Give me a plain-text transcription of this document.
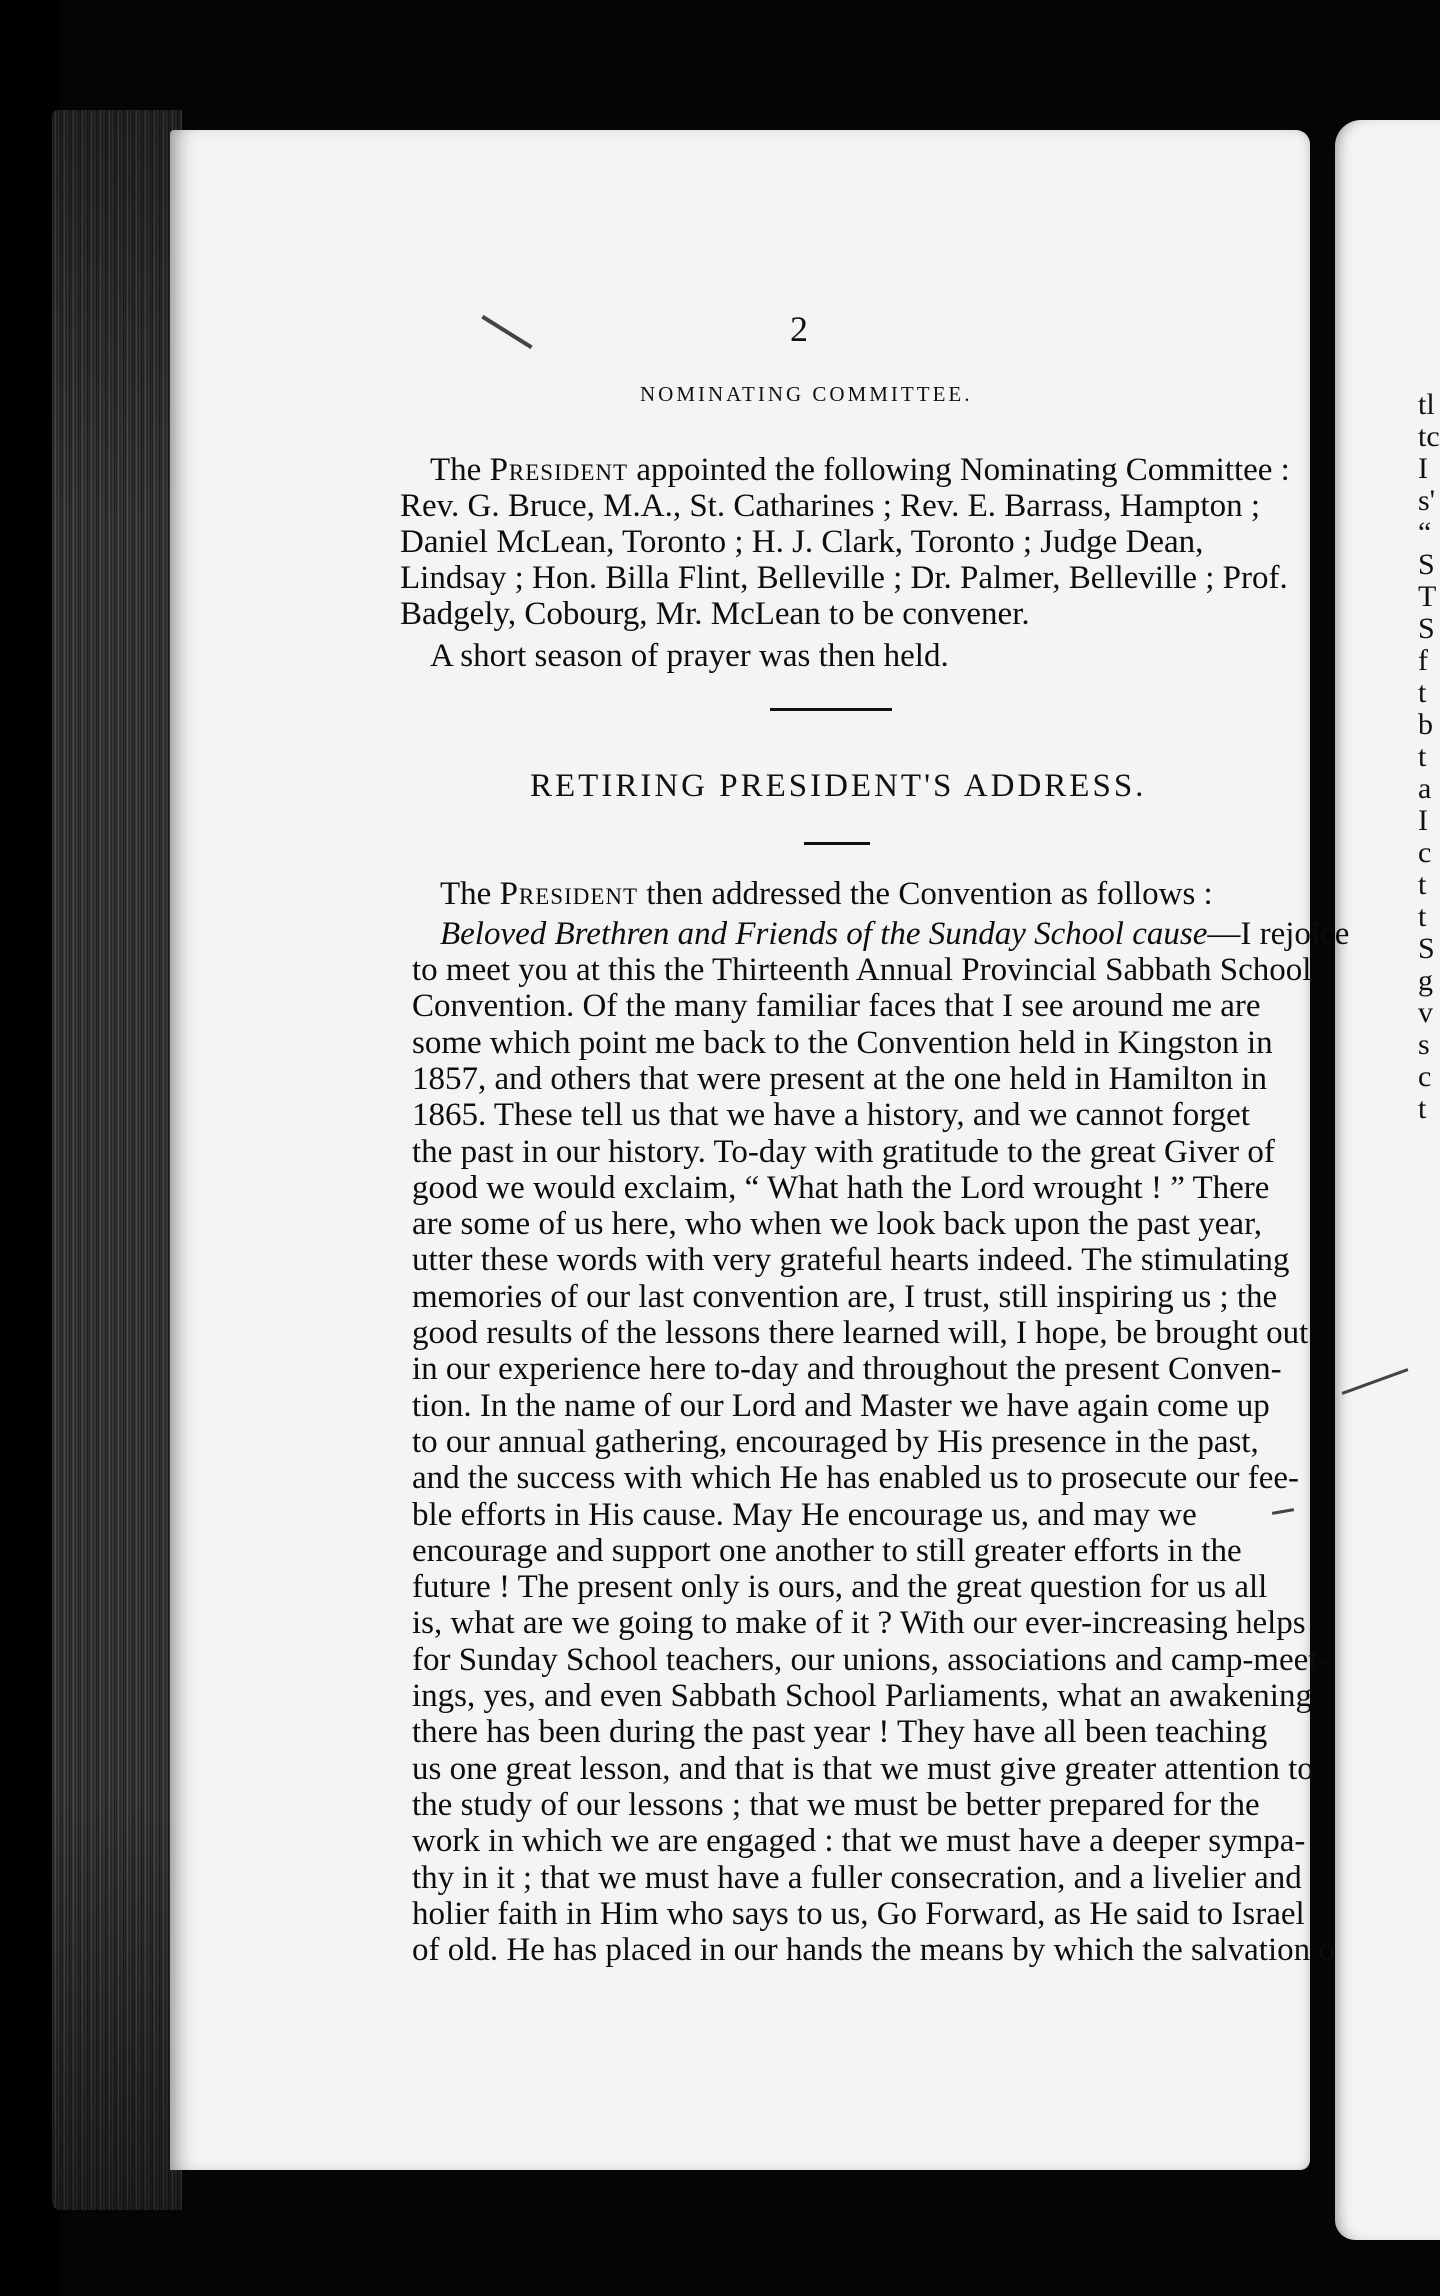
2
NOMINATING COMMITTEE.
The President appointed the following Nominating Committee :
Rev. G. Bruce, M.A., St. Catharines ; Rev. E. Barrass, Hampton ;
Daniel McLean, Toronto ; H. J. Clark, Toronto ; Judge Dean,
Lindsay ; Hon. Billa Flint, Belleville ; Dr. Palmer, Belleville ; Prof.
Badgely, Cobourg, Mr. McLean to be convener.
A short season of prayer was then held.
RETIRING PRESIDENT'S ADDRESS.
The President then addressed the Convention as follows :
Beloved Brethren and Friends of the Sunday School cause—I rejoice
to meet you at this the Thirteenth Annual Provincial Sabbath School
Convention. Of the many familiar faces that I see around me are
some which point me back to the Convention held in Kingston in
1857, and others that were present at the one held in Hamilton in
1865. These tell us that we have a history, and we cannot forget
the past in our history. To-day with gratitude to the great Giver of
good we would exclaim, “ What hath the Lord wrought ! ” There
are some of us here, who when we look back upon the past year,
utter these words with very grateful hearts indeed. The stimulating
memories of our last convention are, I trust, still inspiring us ; the
good results of the lessons there learned will, I hope, be brought out
in our experience here to-day and throughout the present Conven-
tion. In the name of our Lord and Master we have again come up
to our annual gathering, encouraged by His presence in the past,
and the success with which He has enabled us to prosecute our fee-
ble efforts in His cause. May He encourage us, and may we
encourage and support one another to still greater efforts in the
future ! The present only is ours, and the great question for us all
is, what are we going to make of it ? With our ever-increasing helps
for Sunday School teachers, our unions, associations and camp-meet-
ings, yes, and even Sabbath School Parliaments, what an awakening
there has been during the past year ! They have all been teaching
us one great lesson, and that is that we must give greater attention to
the study of our lessons ; that we must be better prepared for the
work in which we are engaged : that we must have a deeper sympa-
thy in it ; that we must have a fuller consecration, and a livelier and
holier faith in Him who says to us, Go Forward, as He said to Israel
of old. He has placed in our hands the means by which the salvation o
tl
tc
I
s'
“
S
T
S
f
t
b
t
a
I
c
t
t
S
g
v
s
c
t
